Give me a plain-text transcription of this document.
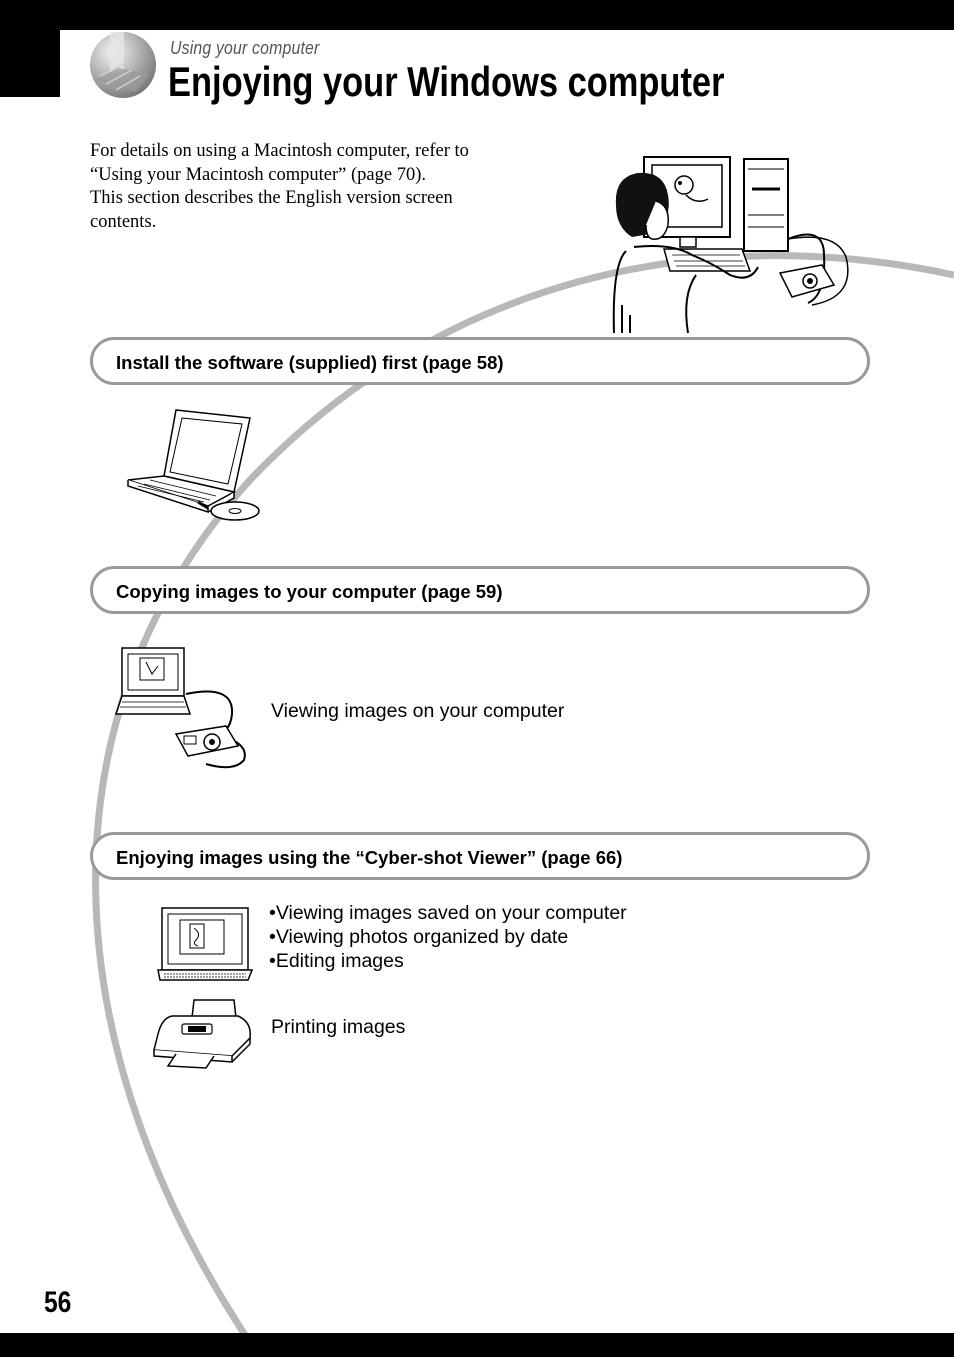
Using your computer
Enjoying your Windows computer

For details on using a Macintosh computer, refer to “Using your Macintosh computer” (page 70).

This section describes the English version screen contents.

Install the software (supplied) first (page 58)
Copying images to your computer (page 59)
Viewing images on your computer
Enjoying images using the “Cyber-shot Viewer” (page 66)
•Viewing images saved on your computer
•Viewing photos organized by date
•Editing images
Printing images
56
